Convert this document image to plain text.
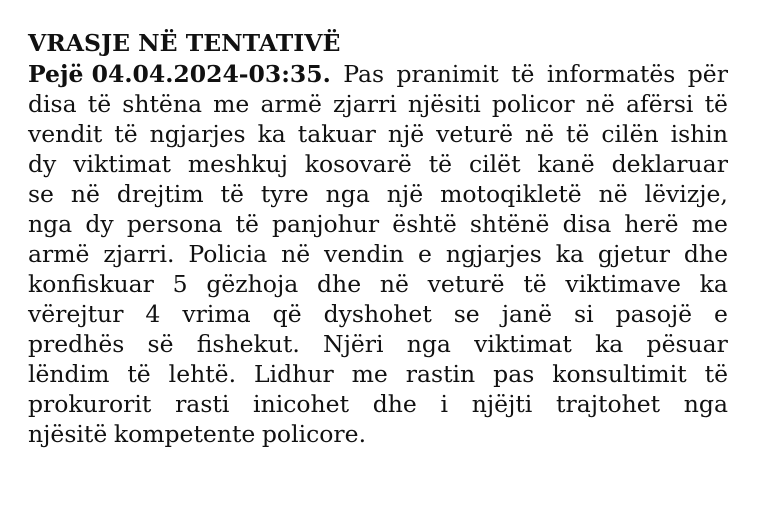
VRASJE NË TENTATIVË
Pejë 04.04.2024-03:35. Pas pranimit të informatës për
disa të shtëna me armë zjarri njësiti policor në afërsi të
vendit të ngjarjes ka takuar një veturë në të cilën ishin
dy viktimat meshkuj kosovarë të cilët kanë deklaruar
se në drejtim të tyre nga një motoqikletë në lëvizje,
nga dy persona të panjohur është shtënë disa herë me
armë zjarri. Policia në vendin e ngjarjes ka gjetur dhe
konfiskuar 5 gëzhoja dhe në veturë të viktimave ka
vërejtur 4 vrima që dyshohet se janë si pasojë e
predhës së fishekut. Njëri nga viktimat ka pësuar
lëndim të lehtë. Lidhur me rastin pas konsultimit të
prokurorit rasti inicohet dhe i njëjti trajtohet nga
njësitë kompetente policore.
